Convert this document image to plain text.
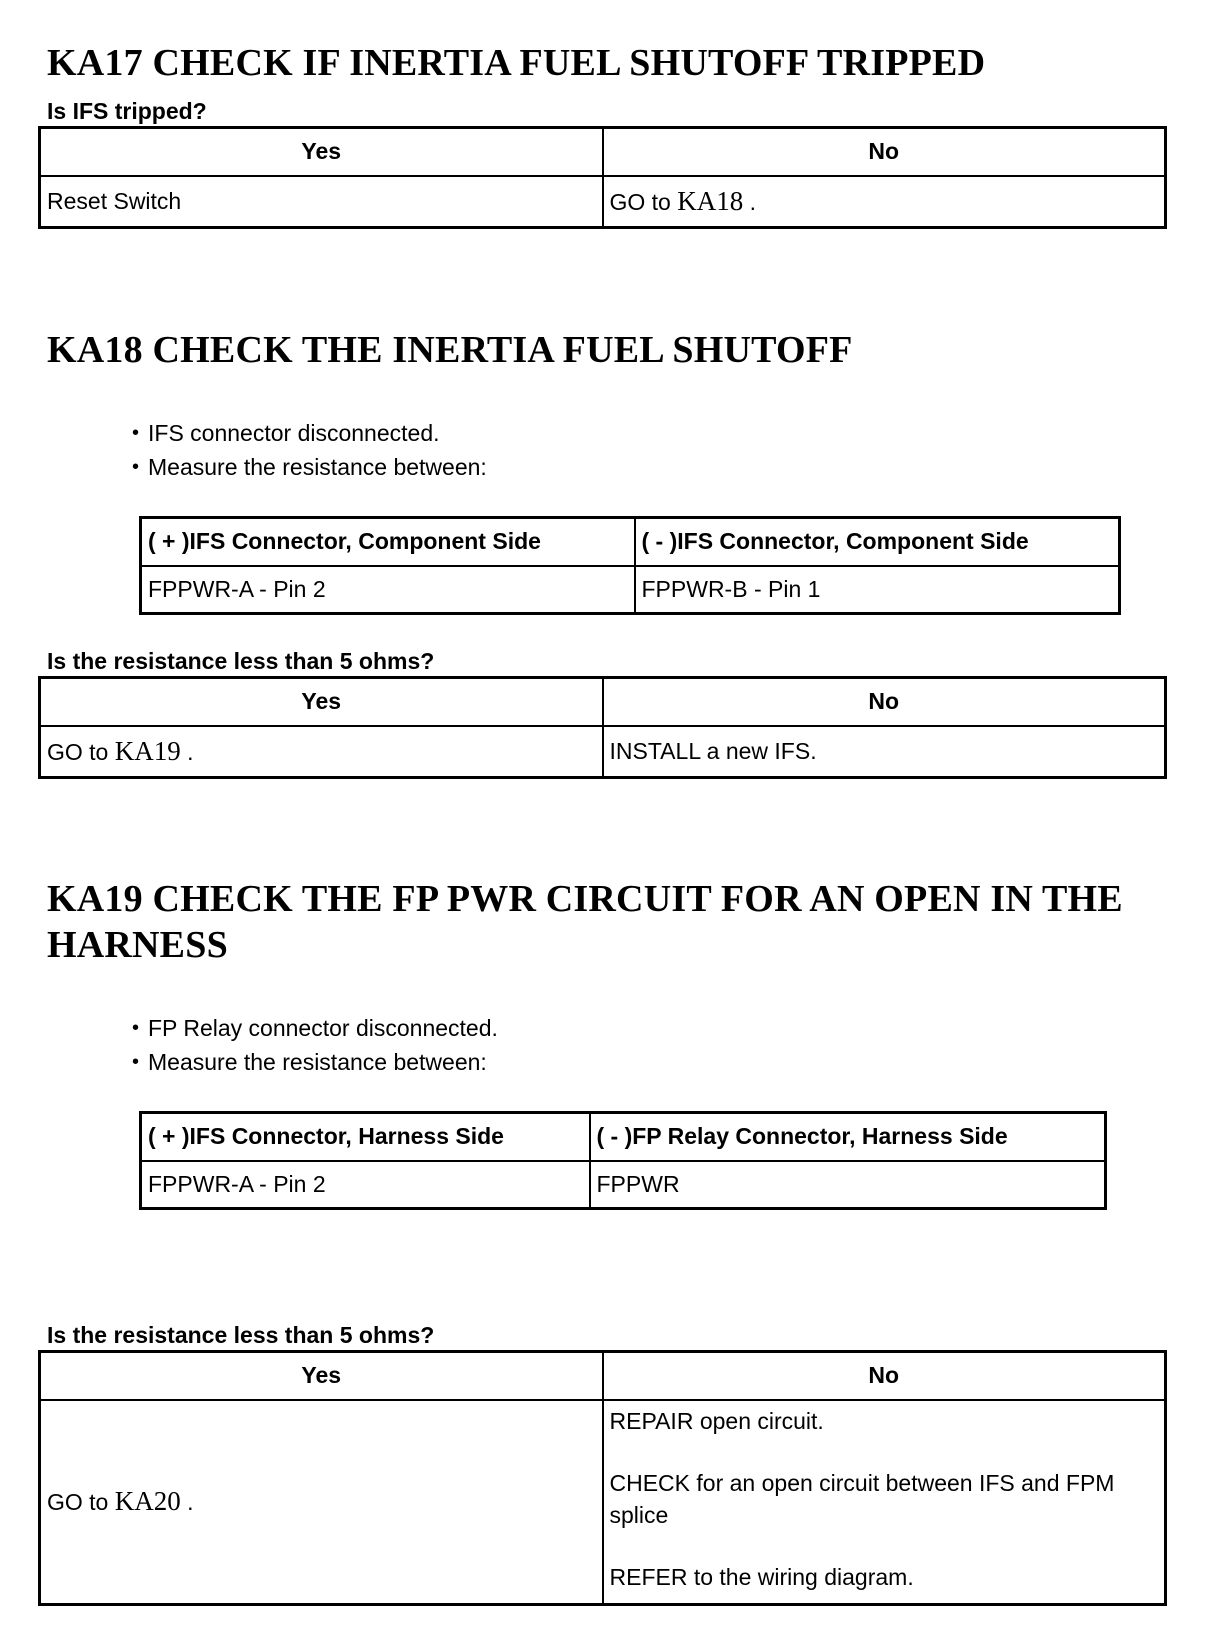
KA17 CHECK IF INERTIA FUEL SHUTOFF TRIPPED

Is IFS tripped?

Yes	No
Reset Switch	GO to KA18 .
KA18 CHECK THE INERTIA FUEL SHUTOFF
• IFS connector disconnected.
• Measure the resistance between:
( + )IFS Connector, Component Side	( - )IFS Connector, Component Side
FPPWR-A - Pin 2	FPPWR-B - Pin 1

Is the resistance less than 5 ohms?

Yes	No
GO to KA19 .	INSTALL a new IFS.
KA19 CHECK THE FP PWR CIRCUIT FOR AN OPEN IN THE
HARNESS
• FP Relay connector disconnected.
• Measure the resistance between:
( + )IFS Connector, Harness Side	( - )FP Relay Connector, Harness Side
FPPWR-A - Pin 2	FPPWR

Is the resistance less than 5 ohms?

Yes	No
GO to KA20 .	REPAIR open circuit.

CHECK for an open circuit between IFS and FPM splice

REFER to the wiring diagram.
